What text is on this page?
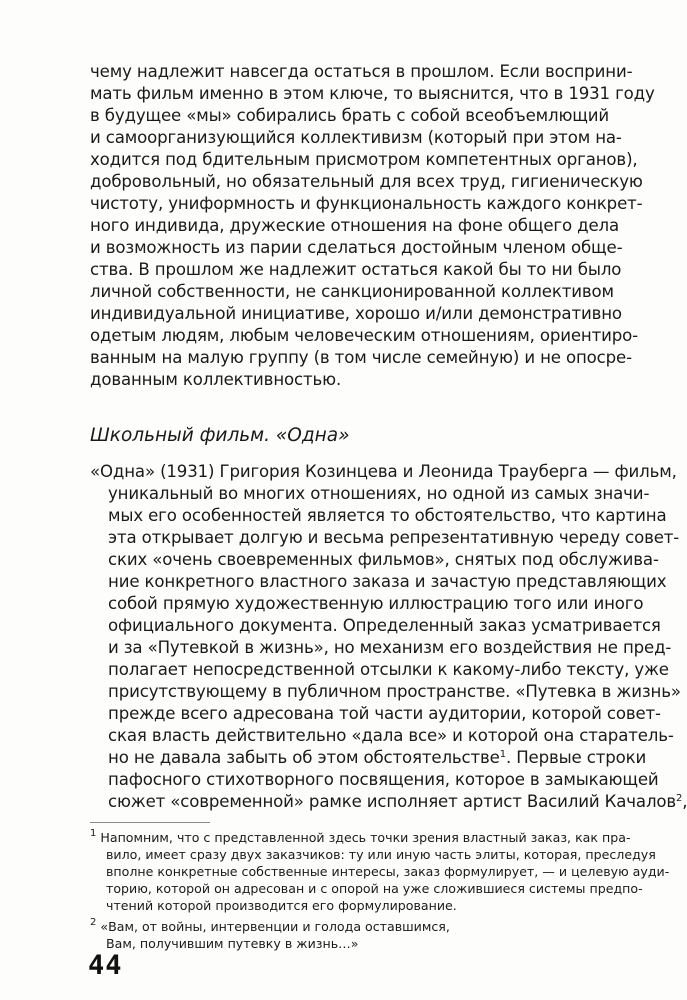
чему надлежит навсегда остаться в прошлом. Если восприни-
мать фильм именно в этом ключе, то выяснится, что в 1931 году
в будущее «мы» собирались брать с собой всеобъемлющий
и самоорганизующийся коллективизм (который при этом на-
ходится под бдительным присмотром компетентных органов),
добровольный, но обязательный для всех труд, гигиеническую
чистоту, униформность и функциональность каждого конкрет-
ного индивида, дружеские отношения на фоне общего дела
и возможность из парии сделаться достойным членом обще-
ства. В прошлом же надлежит остаться какой бы то ни было
личной собственности, не санкционированной коллективом
индивидуальной инициативе, хорошо и/или демонстративно
одетым людям, любым человеческим отношениям, ориентиро-
ванным на малую группу (в том числе семейную) и не опосре-
дованным коллективностью.
Школьный фильм. «Одна»
«Одна» (1931) Григория Козинцева и Леонида Трауберга — фильм,
уникальный во многих отношениях, но одной из самых значи-
мых его особенностей является то обстоятельство, что картина
эта открывает долгую и весьма репрезентативную череду совет-
ских «очень своевременных фильмов», снятых под обслужива-
ние конкретного властного заказа и зачастую представляющих
собой прямую художественную иллюстрацию того или иного
официального документа. Определенный заказ усматривается
и за «Путевкой в жизнь», но механизм его воздействия не пред-
полагает непосредственной отсылки к какому-либо тексту, уже
присутствующему в публичном пространстве. «Путевка в жизнь»
прежде всего адресована той части аудитории, которой совет-
ская власть действительно «дала все» и которой она старатель-
но не давала забыть об этом обстоятельстве$^1$. Первые строки
пафосного стихотворного посвящения, которое в замыкающей
сюжет «современной» рамке исполняет артист Василий Качалов$^2$,
$^1$ Напомним, что с представленной здесь точки зрения властный заказ, как пра-
вило, имеет сразу двух заказчиков: ту или иную часть элиты, которая, преследуя
вполне конкретные собственные интересы, заказ формулирует, — и целевую ауди-
торию, которой он адресован и с опорой на уже сложившиеся системы предпо-
чтений которой производится его формулирование.
$^2$ «Вам, от войны, интервенции и голода оставшимся,
Вам, получившим путевку в жизнь…»
44
